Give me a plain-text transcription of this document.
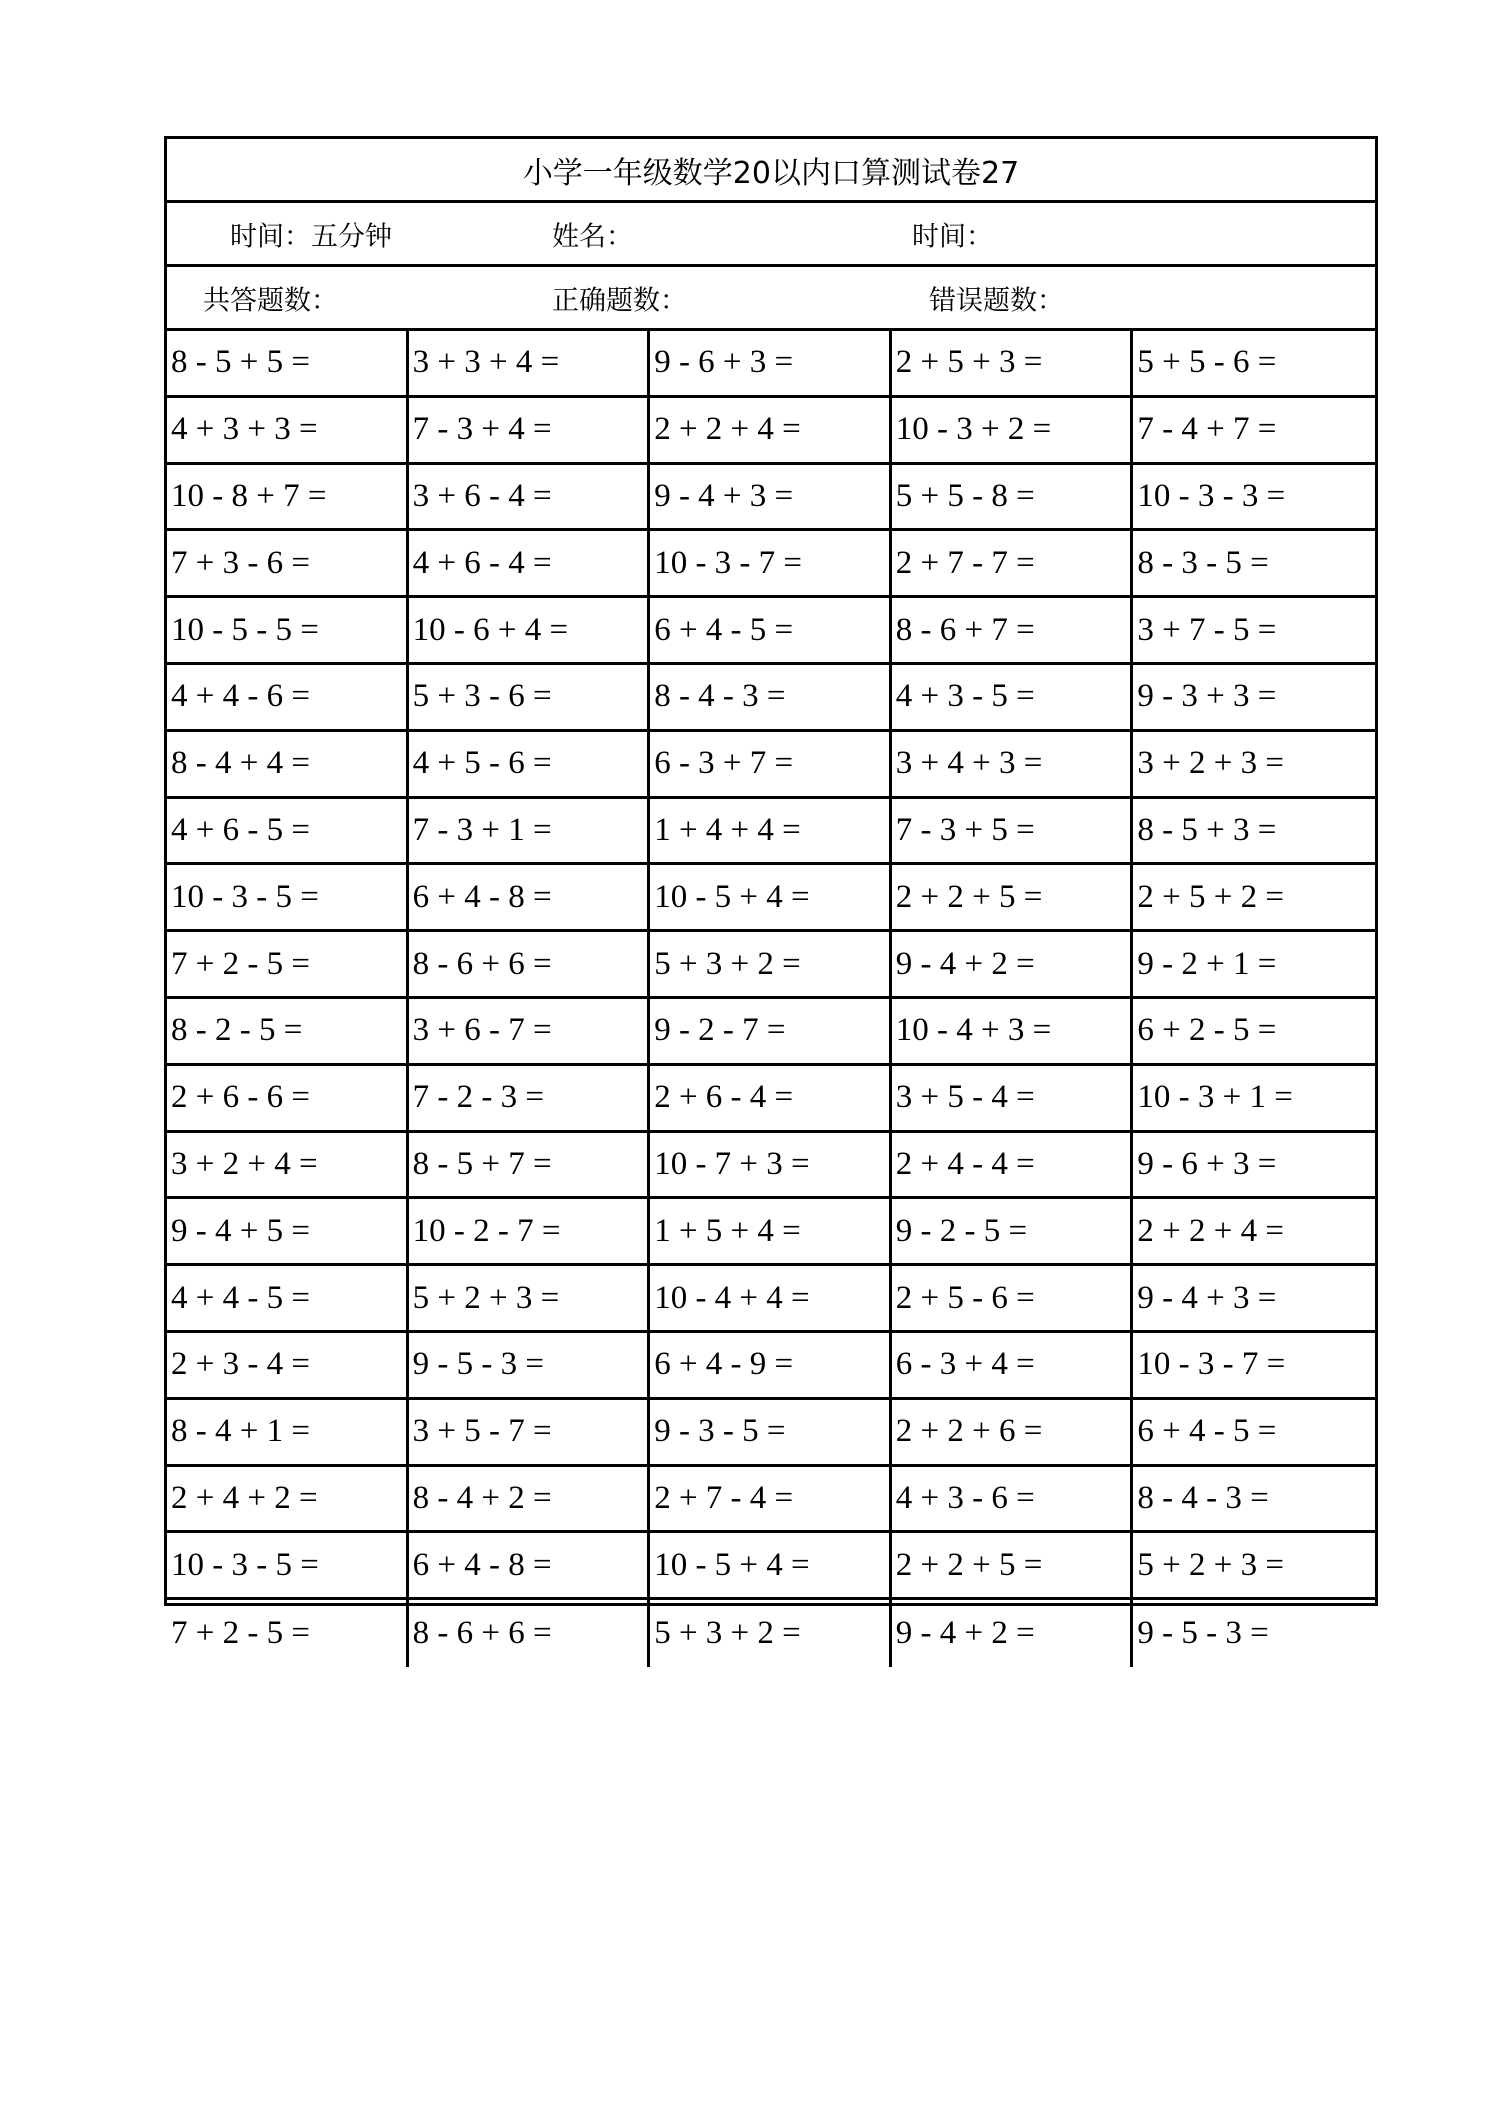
小学一年级数学20以内口算测试卷27
时间：五分钟	姓名：	时间：
共答题数：	正确题数：	错误题数：
8 - 5 + 5 =	3 + 3 + 4 =	9 - 6 + 3 =	2 + 5 + 3 =	5 + 5 - 6 =
4 + 3 + 3 =	7 - 3 + 4 =	2 + 2 + 4 =	10 - 3 + 2 =	7 - 4 + 7 =
10 - 8 + 7 =	3 + 6 - 4 =	9 - 4 + 3 =	5 + 5 - 8 =	10 - 3 - 3 =
7 + 3 - 6 =	4 + 6 - 4 =	10 - 3 - 7 =	2 + 7 - 7 =	8 - 3 - 5 =
10 - 5 - 5 =	10 - 6 + 4 =	6 + 4 - 5 =	8 - 6 + 7 =	3 + 7 - 5 =
4 + 4 - 6 =	5 + 3 - 6 =	8 - 4 - 3 =	4 + 3 - 5 =	9 - 3 + 3 =
8 - 4 + 4 =	4 + 5 - 6 =	6 - 3 + 7 =	3 + 4 + 3 =	3 + 2 + 3 =
4 + 6 - 5 =	7 - 3 + 1 =	1 + 4 + 4 =	7 - 3 + 5 =	8 - 5 + 3 =
10 - 3 - 5 =	6 + 4 - 8 =	10 - 5 + 4 =	2 + 2 + 5 =	2 + 5 + 2 =
7 + 2 - 5 =	8 - 6 + 6 =	5 + 3 + 2 =	9 - 4 + 2 =	9 - 2 + 1 =
8 - 2 - 5 =	3 + 6 - 7 =	9 - 2 - 7 =	10 - 4 + 3 =	6 + 2 - 5 =
2 + 6 - 6 =	7 - 2 - 3 =	2 + 6 - 4 =	3 + 5 - 4 =	10 - 3 + 1 =
3 + 2 + 4 =	8 - 5 + 7 =	10 - 7 + 3 =	2 + 4 - 4 =	9 - 6 + 3 =
9 - 4 + 5 =	10 - 2 - 7 =	1 + 5 + 4 =	9 - 2 - 5 =	2 + 2 + 4 =
4 + 4 - 5 =	5 + 2 + 3 =	10 - 4 + 4 =	2 + 5 - 6 =	9 - 4 + 3 =
2 + 3 - 4 =	9 - 5 - 3 =	6 + 4 - 9 =	6 - 3 + 4 =	10 - 3 - 7 =
8 - 4 + 1 =	3 + 5 - 7 =	9 - 3 - 5 =	2 + 2 + 6 =	6 + 4 - 5 =
2 + 4 + 2 =	8 - 4 + 2 =	2 + 7 - 4 =	4 + 3 - 6 =	8 - 4 - 3 =
10 - 3 - 5 =	6 + 4 - 8 =	10 - 5 + 4 =	2 + 2 + 5 =	5 + 2 + 3 =
7 + 2 - 5 =	8 - 6 + 6 =	5 + 3 + 2 =	9 - 4 + 2 =	9 - 5 - 3 =
